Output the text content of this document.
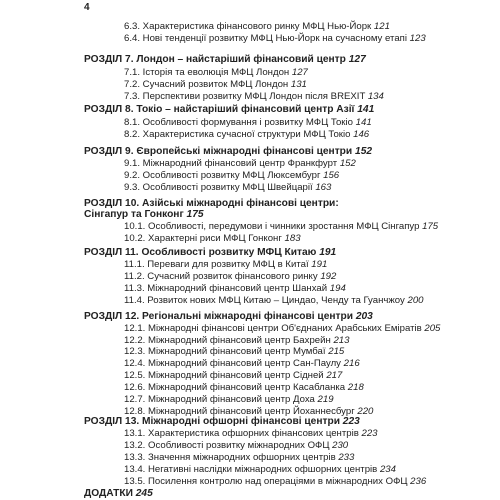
4
6.3. Характеристика фінансового ринку МФЦ Нью-Йорк 121
6.4. Нові тенденції розвитку МФЦ Нью-Йорк на сучасному етапі 123
РОЗДІЛ 7. Лондон – найстаріший фінансовий центр 127
7.1. Історія та еволюція МФЦ Лондон 127
7.2. Сучасний розвиток МФЦ Лондон 131
7.3. Перспективи розвитку МФЦ Лондон після BREXIT 134
РОЗДІЛ 8. Токіо – найстаріший фінансовий центр Азії 141
8.1. Особливості формування і розвитку МФЦ Токіо 141
8.2. Характеристика сучасної структури МФЦ Токіо 146
РОЗДІЛ 9. Європейські міжнародні фінансові центри 152
9.1. Міжнародний фінансовий центр Франкфурт 152
9.2. Особливості розвитку МФЦ Люксембург 156
9.3. Особливості розвитку МФЦ Швейцарії 163
РОЗДІЛ 10. Азійські міжнародні фінансові центри:
Сінгапур та Гонконг 175
10.1. Особливості, передумови і чинники зростання МФЦ Сінгапур 175
10.2. Характерні риси МФЦ Гонконг 183
РОЗДІЛ 11. Особливості розвитку МФЦ Китаю 191
11.1. Переваги для розвитку МФЦ в Китаї 191
11.2. Сучасний розвиток фінансового ринку 192
11.3. Міжнародний фінансовий центр Шанхай 194
11.4. Розвиток нових МФЦ Китаю – Циндао, Ченду та Гуанчжоу 200
РОЗДІЛ 12. Регіональні міжнародні фінансові центри 203
12.1. Міжнародні фінансові центри Об'єднаних Арабських Еміратів 205
12.2. Міжнародний фінансовий центр Бахрейн 213
12.3. Міжнародний фінансовий центр Мумбаї 215
12.4. Міжнародний фінансовий центр Сан-Паулу 216
12.5. Міжнародний фінансовий центр Сідней 217
12.6. Міжнародний фінансовий центр Касабланка 218
12.7. Міжнародний фінансовий центр Доха 219
12.8. Міжнародний фінансовий центр Йоханнесбург 220
РОЗДІЛ 13. Міжнародні офшорні фінансові центри 223
13.1. Характеристика офшорних фінансових центрів 223
13.2. Особливості розвитку міжнародних ОФЦ 230
13.3. Значення міжнародних офшорних центрів 233
13.4. Негативні наслідки міжнародних офшорних центрів 234
13.5. Посилення контролю над операціями в міжнародних ОФЦ 236
ДОДАТКИ 245
